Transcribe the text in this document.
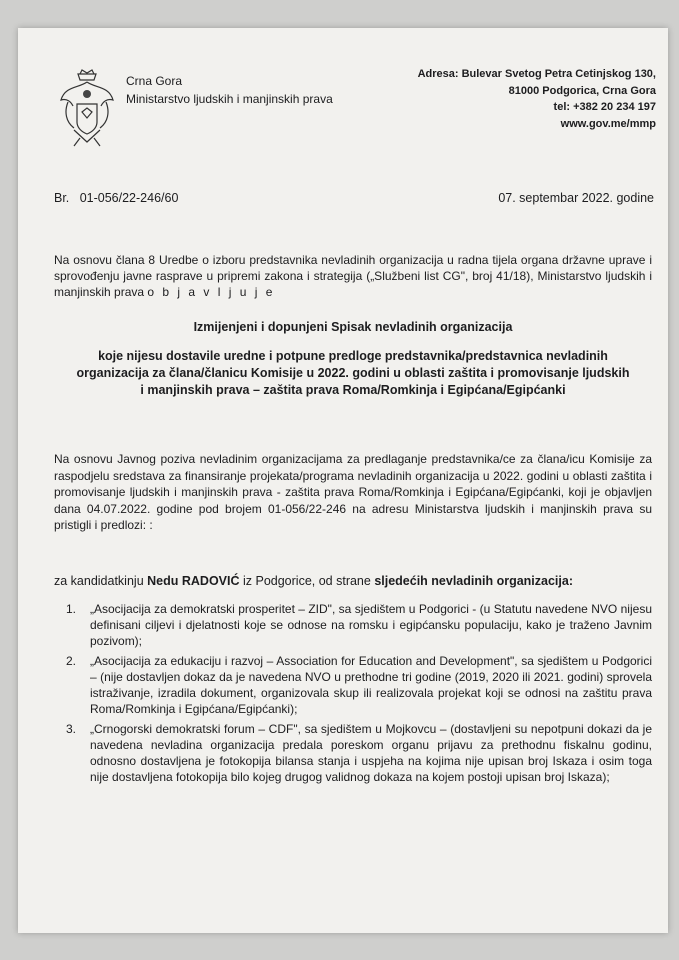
Crna Gora
Ministarstvo ljudskih i manjinskih prava
Adresa: Bulevar Svetog Petra Cetinjskog 130,
81000 Podgorica, Crna Gora
tel: +382 20 234 197
www.gov.me/mmp
Br.   01-056/22-246/60	07. septembar 2022. godine
Na osnovu člana 8 Uredbe o izboru predstavnika nevladinih organizacija u radna tijela organa državne uprave i sprovođenju javne rasprave u pripremi zakona i strategija („Službeni list CG", broj 41/18), Ministarstvo ljudskih i manjinskih prava o b j a v l j u j e
Izmijenjeni i dopunjeni Spisak nevladinih organizacija
koje nijesu dostavile uredne i potpune predloge predstavnika/predstavnica nevladinih organizacija za člana/članicu Komisije u 2022. godini u oblasti zaštita i promovisanje ljudskih i manjinskih prava – zaštita prava Roma/Romkinja i Egipćana/Egipćanki
Na osnovu Javnog poziva nevladinim organizacijama za predlaganje predstavnika/ce za člana/icu Komisije za raspodjelu sredstava za finansiranje projekata/programa nevladinih organizacija u 2022. godini u oblasti zaštita i promovisanje ljudskih i manjinskih prava - zaštita prava Roma/Romkinja i Egipćana/Egipćanki, koji je objavljen dana 04.07.2022. godine pod brojem 01-056/22-246 na adresu Ministarstva ljudskih i manjinskih prava su pristigli i predlozi: :
za kandidatkinju Nedu RADOVIĆ iz Podgorice, od strane sljedećih nevladinih organizacija:
1. „Asocijacija za demokratski prosperitet – ZID", sa sjedištem u Podgorici - (u Statutu navedene NVO nijesu definisani ciljevi i djelatnosti koje se odnose na romsku i egipćansku populaciju, kako je traženo Javnim pozivom);
2. „Asocijacija za edukaciju i razvoj – Association for Education and Development", sa sjedištem u Podgorici – (nije dostavljen dokaz da je navedena NVO u prethodne tri godine (2019, 2020 ili 2021. godini) sprovela istraživanje, izradila dokument, organizovala skup ili realizovala projekat koji se odnosi na zaštitu prava Roma/Romkinja i Egipćana/Egipćanki);
3. „Crnogorski demokratski forum – CDF", sa sjedištem u Mojkovcu – (dostavljeni su nepotpuni dokazi da je navedena nevladina organizacija predala poreskom organu prijavu za prethodnu fiskalnu godinu, odnosno dostavljena je fotokopija bilansa stanja i uspjeha na kojima nije upisan broj Iskaza i osim toga nije dostavljena fotokopija bilo kojeg drugog validnog dokaza na kojem postoji upisan broj Iskaza);
